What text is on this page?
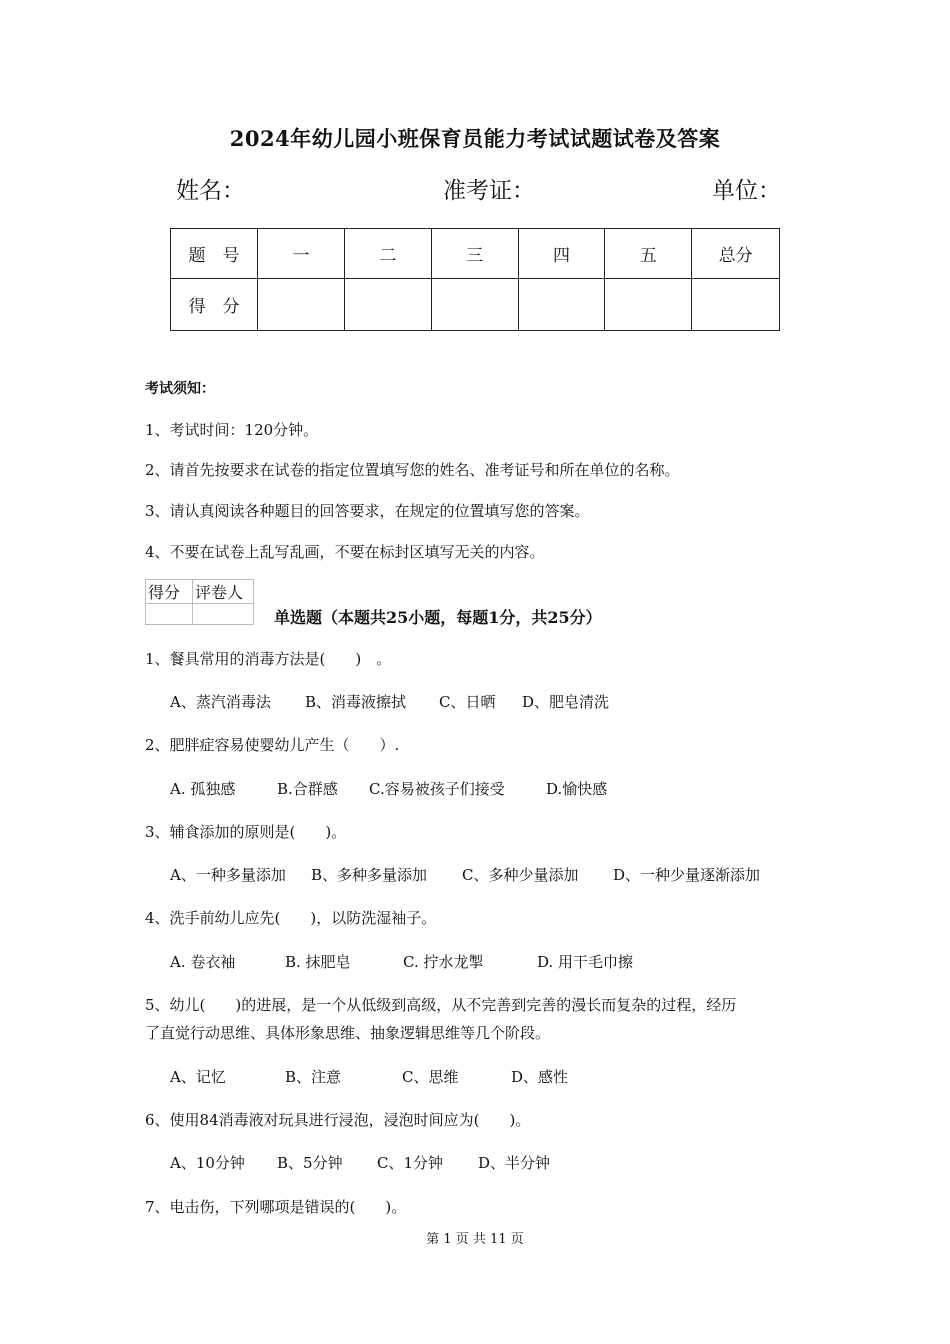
2024年幼儿园小班保育员能力考试试题试卷及答案
姓名：	准考证：	单位：
题　号	一	二	三	四	五	总分
得　分						
考试须知：
1、考试时间：120分钟。
2、请首先按要求在试卷的指定位置填写您的姓名、准考证号和所在单位的名称。
3、请认真阅读各种题目的回答要求，在规定的位置填写您的答案。
4、不要在试卷上乱写乱画，不要在标封区填写无关的内容。
得分	评卷人

单选题（本题共25小题，每题1分，共25分）
1、餐具常用的消毒方法是(　　)　。
A、蒸汽消毒法 B、消毒液擦拭 C、日晒 D、肥皂清洗
2、肥胖症容易使婴幼儿产生（　　）.
A. 孤独感	B.合群感 C.容易被孩子们接受	D.愉快感
3、辅食添加的原则是(　　)。
A、一种多量添加 B、多种多量添加 C、多种少量添加 D、一种少量逐渐添加
4、洗手前幼儿应先(　　)，以防洗湿袖子。
A. 卷衣袖	B. 抹肥皂	C. 拧水龙掣	D. 用干毛巾擦
5、幼儿(　　)的进展，是一个从低级到高级，从不完善到完善的漫长而复杂的过程，经历
了直觉行动思维、具体形象思维、抽象逻辑思维等几个阶段。
A、记忆	B、注意	C、思维	D、感性
6、使用84消毒液对玩具进行浸泡，浸泡时间应为(　　)。
A、10分钟 B、5分钟 C、1分钟 D、半分钟
7、电击伤，下列哪项是错误的(　　)。
第 1 页 共 11 页
